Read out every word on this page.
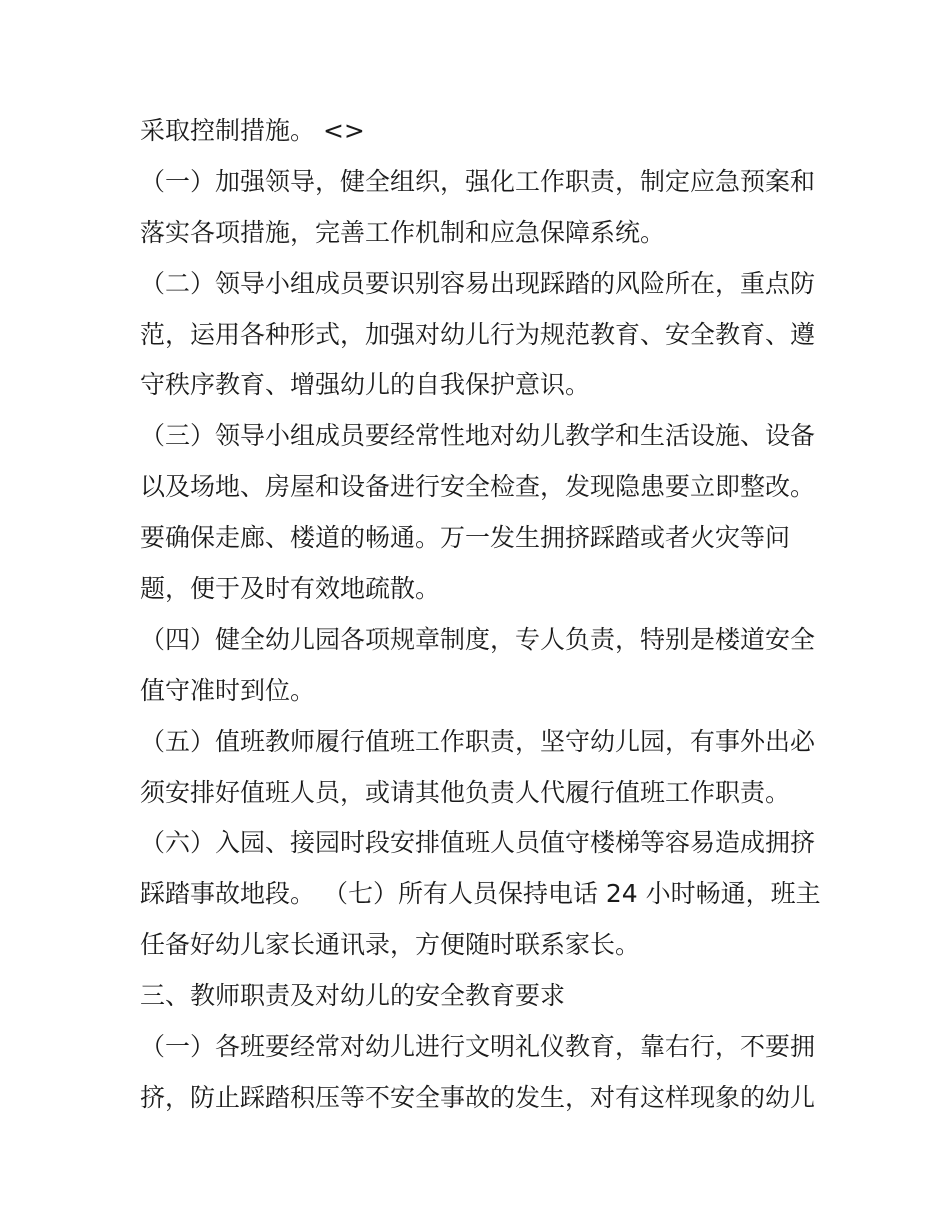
采取控制措施。 <>
（一）加强领导，健全组织，强化工作职责，制定应急预案和
落实各项措施，完善工作机制和应急保障系统。
（二）领导小组成员要识别容易出现踩踏的风险所在，重点防
范，运用各种形式，加强对幼儿行为规范教育、安全教育、遵
守秩序教育、增强幼儿的自我保护意识。
（三）领导小组成员要经常性地对幼儿教学和生活设施、设备
以及场地、房屋和设备进行安全检查，发现隐患要立即整改。
要确保走廊、楼道的畅通。万一发生拥挤踩踏或者火灾等问
题，便于及时有效地疏散。
（四）健全幼儿园各项规章制度，专人负责，特别是楼道安全
值守准时到位。
（五）值班教师履行值班工作职责，坚守幼儿园，有事外出必
须安排好值班人员，或请其他负责人代履行值班工作职责。
（六）入园、接园时段安排值班人员值守楼梯等容易造成拥挤
踩踏事故地段。 （七）所有人员保持电话 24 小时畅通，班主
任备好幼儿家长通讯录，方便随时联系家长。
三、教师职责及对幼儿的安全教育要求
（一）各班要经常对幼儿进行文明礼仪教育，靠右行，不要拥
挤，防止踩踏积压等不安全事故的发生，对有这样现象的幼儿
